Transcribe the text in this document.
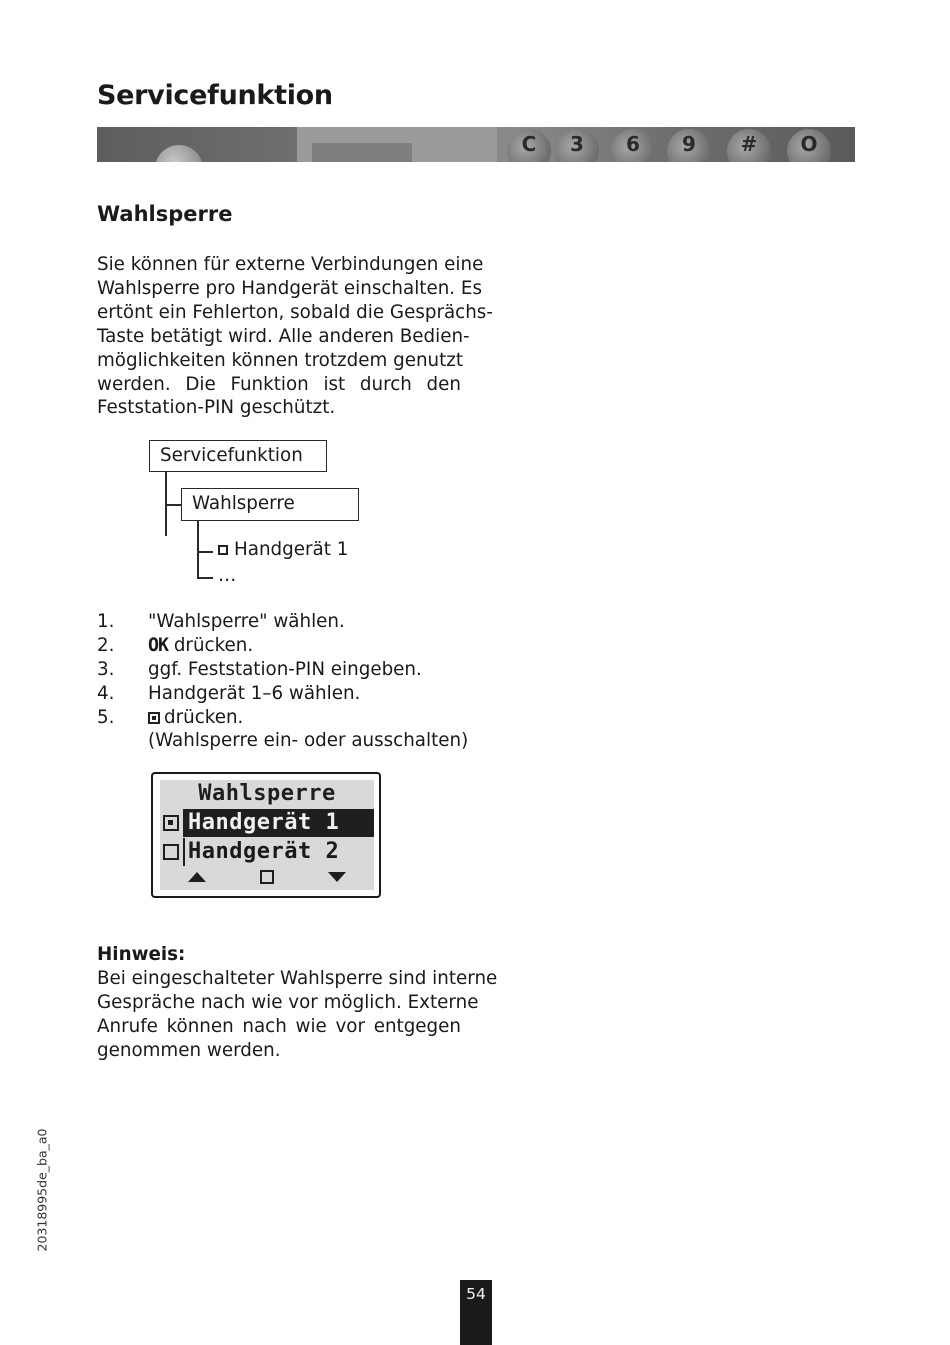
Servicefunktion
C	3	6	9	#	O
Wahlsperre
Sie können für externe Verbindungen eine
Wahlsperre pro Handgerät einschalten. Es
ertönt ein Fehlerton, sobald die Gesprächs-
Taste betätigt wird. Alle anderen Bedien-
möglichkeiten können trotzdem genutzt
werden. Die Funktion ist durch den
Feststation-PIN geschützt.
Servicefunktion
Wahlsperre
Handgerät 1
…
1. "Wahlsperre" wählen.
2. OK drücken.
3. ggf. Feststation-PIN eingeben.
4. Handgerät 1–6 wählen.
5.	drücken.
(Wahlsperre ein- oder ausschalten)
Wahlsperre
Handgerät 1
Handgerät 2
Hinweis:
Bei eingeschalteter Wahlsperre sind interne
Gespräche nach wie vor möglich. Externe
Anrufe können nach wie vor entgegen
genommen werden.
20318995de_ba_a0
54
